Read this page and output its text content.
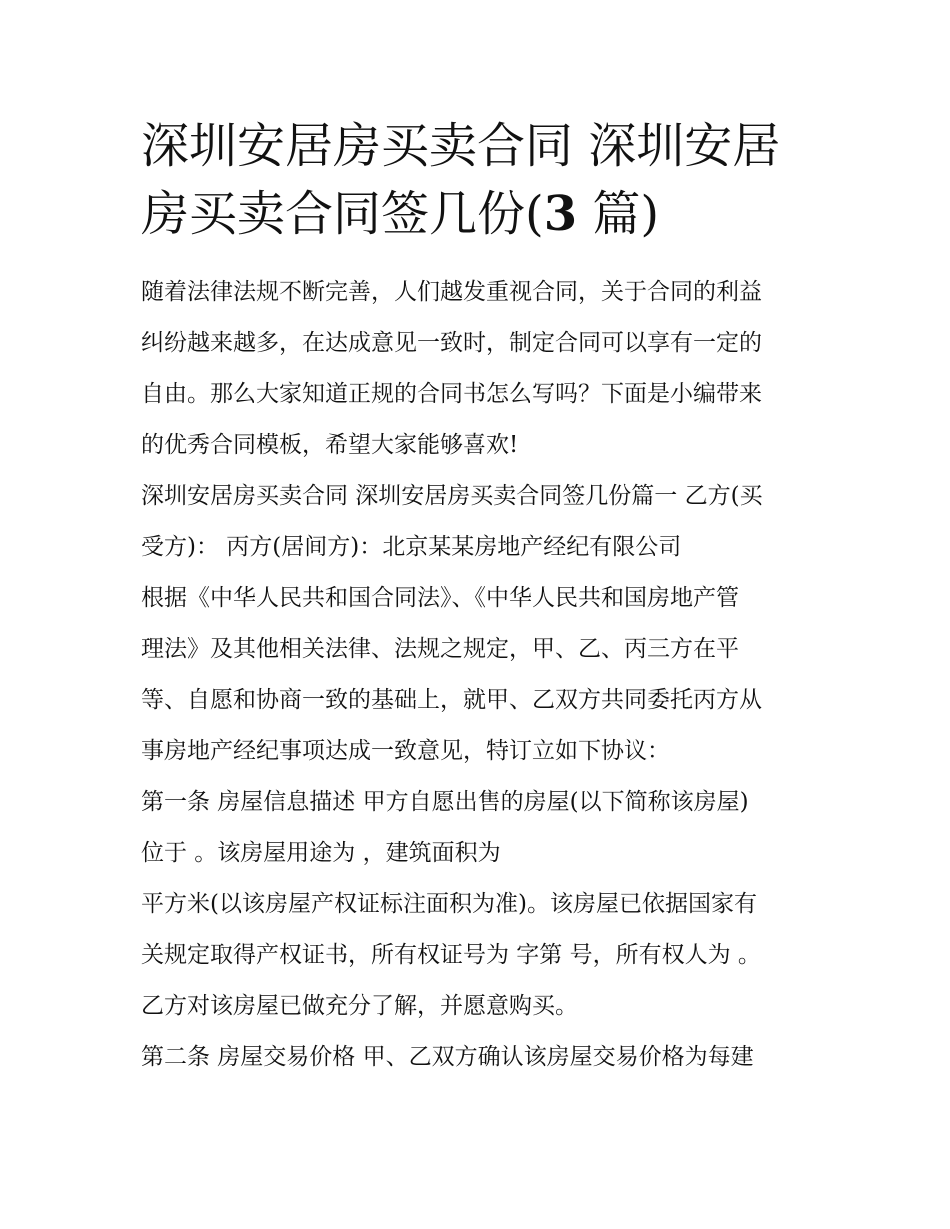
深圳安居房买卖合同 深圳安居
房买卖合同签几份(3 篇)
随着法律法规不断完善，人们越发重视合同，关于合同的利益
纠纷越来越多，在达成意见一致时，制定合同可以享有一定的
自由。那么大家知道正规的合同书怎么写吗？下面是小编带来
的优秀合同模板，希望大家能够喜欢!
深圳安居房买卖合同 深圳安居房买卖合同签几份篇一 乙方(买
受方)： 丙方(居间方)：北京某某房地产经纪有限公司
根据《中华人民共和国合同法》、《中华人民共和国房地产管
理法》及其他相关法律、法规之规定，甲、乙、丙三方在平
等、自愿和协商一致的基础上，就甲、乙双方共同委托丙方从
事房地产经纪事项达成一致意见，特订立如下协议：
第一条 房屋信息描述 甲方自愿出售的房屋(以下简称该房屋)
位于 。该房屋用途为 ，建筑面积为
平方米(以该房屋产权证标注面积为准)。该房屋已依据国家有
关规定取得产权证书，所有权证号为 字第 号，所有权人为 。
乙方对该房屋已做充分了解，并愿意购买。
第二条 房屋交易价格 甲、乙双方确认该房屋交易价格为每建
